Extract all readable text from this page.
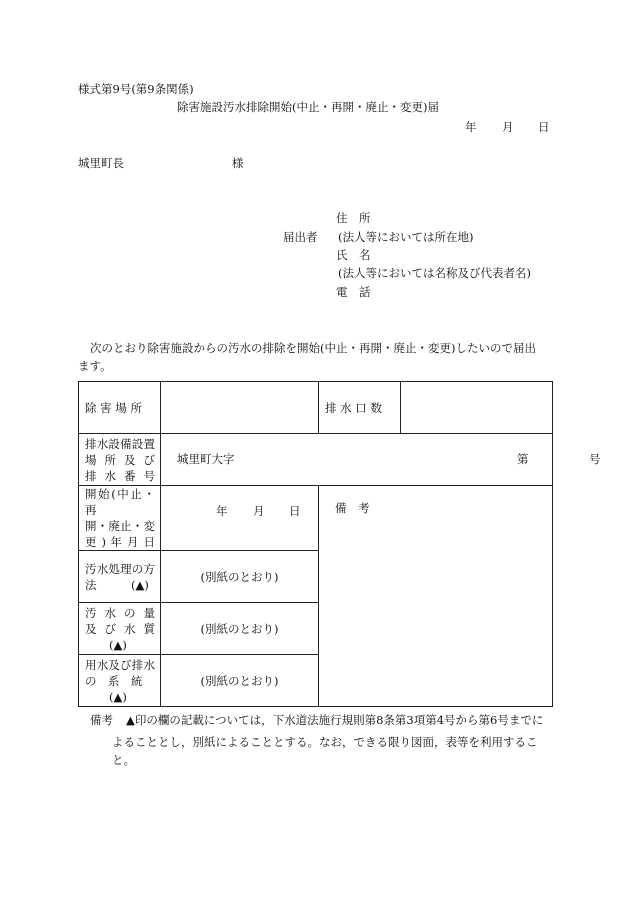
様式第9号(第9条関係)
除害施設汚水排除開始(中止・再開・廃止・変更)届
年 月 日
城里町長	様
住　所
届出者 (法人等においては所在地)
氏　名
(法人等においては名称及び代表者名)
電　話
次のとおり除害施設からの汚水の排除を開始(中止・再開・廃止・変更)したいので届出
ます。
除 害 場 所		排 水 口 数	

排水設備設置
場 所 及 び
排 水 番 号	城里町大字 第 号		

開始(中止・再
開・廃止・変
更 ) 年 月 日	年 月 日	備　考	

汚水処理の方
法　　　(▲)	(別紙のとおり)		

汚 水 の 量
及 び 水 質
(▲)	(別紙のとおり)		

用水及び排水
の　系　統
(▲)	(別紙のとおり)		
備考 ▲印の欄の記載については，下水道法施行規則第8条第3項第4号から第6号までに
よることとし，別紙によることとする。なお，できる限り図面，表等を利用するこ
と。
